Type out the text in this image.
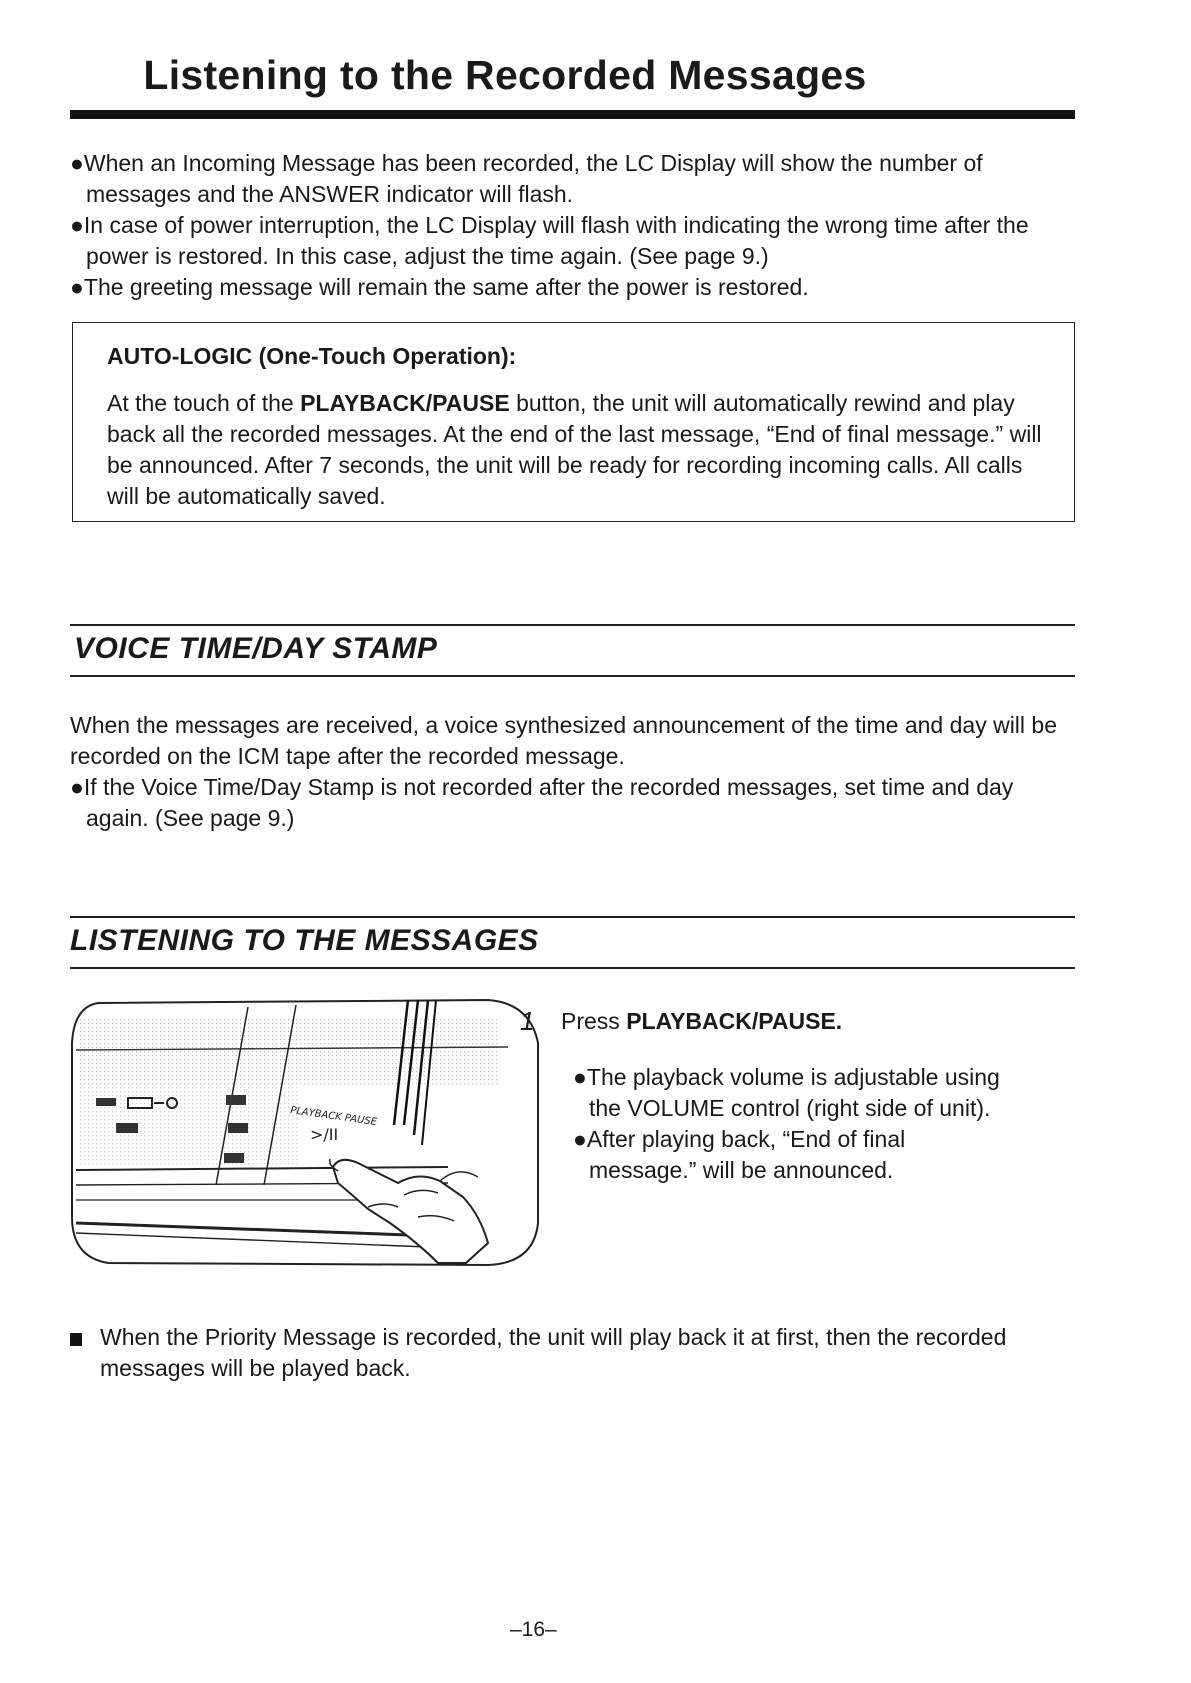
Listening to the Recorded Messages

●When an Incoming Message has been recorded, the LC Display will show the number of messages and the ANSWER indicator will flash.

●In case of power interruption, the LC Display will flash with indicating the wrong time after the power is restored. In this case, adjust the time again. (See page 9.)

●The greeting message will remain the same after the power is restored.

AUTO-LOGIC (One-Touch Operation):
At the touch of the PLAYBACK/PAUSE button, the unit will automatically rewind and play back all the recorded messages. At the end of the last message, “End of final message.” will be announced. After 7 seconds, the unit will be ready for recording incoming calls. All calls will be automatically saved.
VOICE TIME/DAY STAMP

When the messages are received, a voice synthesized announcement of the time and day will be recorded on the ICM tape after the recorded message.

●If the Voice Time/Day Stamp is not recorded after the recorded messages, set time and day again. (See page 9.)

LISTENING TO THE MESSAGES
PLAYBACK PAUSE
>/II
1 Press PLAYBACK/PAUSE.

●The playback volume is adjustable using the VOLUME control (right side of unit).

●After playing back, “End of final message.” will be announced.

When the Priority Message is recorded, the unit will play back it at first, then the recorded messages will be played back.
–16–
